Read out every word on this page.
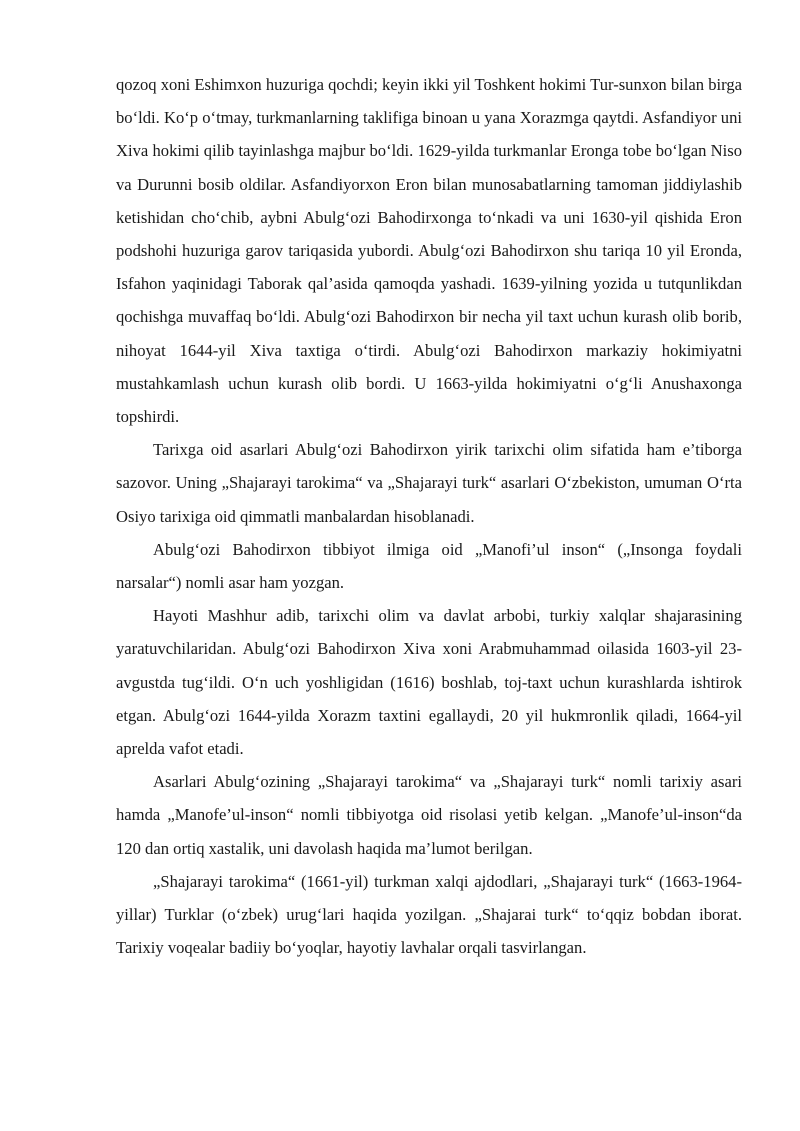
qozoq xoni Eshimxon huzuriga qochdi; keyin ikki yil Toshkent hokimi Tur-sunxon bilan birga bo‘ldi. Ko‘p o‘tmay, turkmanlarning taklifiga binoan u yana Xorazmga qaytdi. Asfandiyor uni Xiva hokimi qilib tayinlashga majbur bo‘ldi. 1629-yilda turkmanlar Eronga tobe bo‘lgan Niso va Durunni bosib oldilar. Asfandiyorxon Eron bilan munosabatlarning tamoman jiddiylashib ketishidan cho‘chib, aybni Abulg‘ozi Bahodirxonga to‘nkadi va uni 1630-yil qishida Eron podshohi huzuriga garov tariqasida yubordi. Abulg‘ozi Bahodirxon shu tariqa 10 yil Eronda, Isfahon yaqinidagi Taborak qal’asida qamoqda yashadi. 1639-yilning yozida u tutqunlikdan qochishga muvaffaq bo‘ldi. Abulg‘ozi Bahodirxon bir necha yil taxt uchun kurash olib borib, nihoyat 1644-yil Xiva taxtiga o‘tirdi. Abulg‘ozi Bahodirxon markaziy hokimiyatni mustahkamlash uchun kurash olib bordi. U 1663-yilda hokimiyatni o‘g‘li Anushaxonga topshirdi.

Tarixga oid asarlari Abulg‘ozi Bahodirxon yirik tarixchi olim sifatida ham e’tiborga sazovor. Uning „Shajarayi tarokima“ va „Shajarayi turk“ asarlari O‘zbekiston, umuman O‘rta Osiyo tarixiga oid qimmatli manbalardan hisoblanadi.

Abulg‘ozi Bahodirxon tibbiyot ilmiga oid „Manofi’ul inson“ („Insonga foydali narsalar“) nomli asar ham yozgan.

Hayoti Mashhur adib, tarixchi olim va davlat arbobi, turkiy xalqlar shajarasining yaratuvchilaridan. Abulg‘ozi Bahodirxon Xiva xoni Arabmuhammad oilasida 1603-yil 23-avgustda tug‘ildi. O‘n uch yoshligidan (1616) boshlab, toj-taxt uchun kurashlarda ishtirok etgan. Abulg‘ozi 1644-yilda Xorazm taxtini egallaydi, 20 yil hukmronlik qiladi, 1664-yil aprelda vafot etadi.

Asarlari Abulg‘ozining „Shajarayi tarokima“ va „Shajarayi turk“ nomli tarixiy asari hamda „Manofe’ul-inson“ nomli tibbiyotga oid risolasi yetib kelgan. „Manofe’ul-inson“da 120 dan ortiq xastalik, uni davolash haqida ma’lumot berilgan.

„Shajarayi tarokima“ (1661-yil) turkman xalqi ajdodlari, „Shajarayi turk“ (1663-1964-yillar) Turklar (o‘zbek) urug‘lari haqida yozilgan. „Shajarai turk“ to‘qqiz bobdan iborat. Tarixiy voqealar badiiy bo‘yoqlar, hayotiy lavhalar orqali tasvirlangan.
